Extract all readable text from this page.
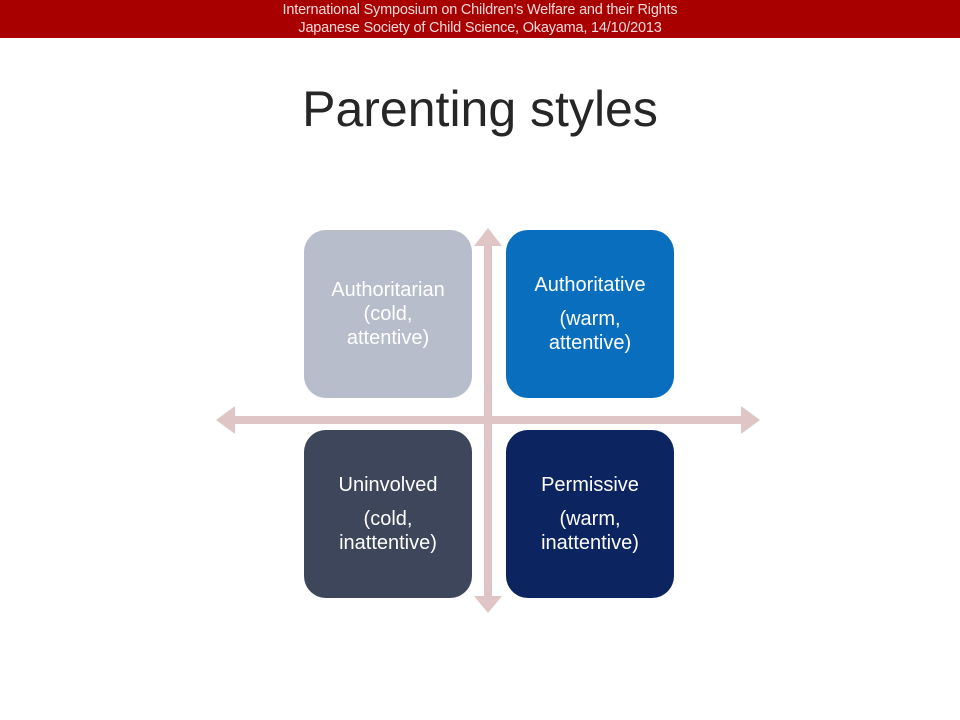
International Symposium on Children’s Welfare and their Rights
Japanese Society of Child Science, Okayama, 14/10/2013
Parenting styles
Authoritarian
(cold, attentive)
Authoritative
(warm, attentive)
Uninvolved
(cold, inattentive)
Permissive
(warm, inattentive)
